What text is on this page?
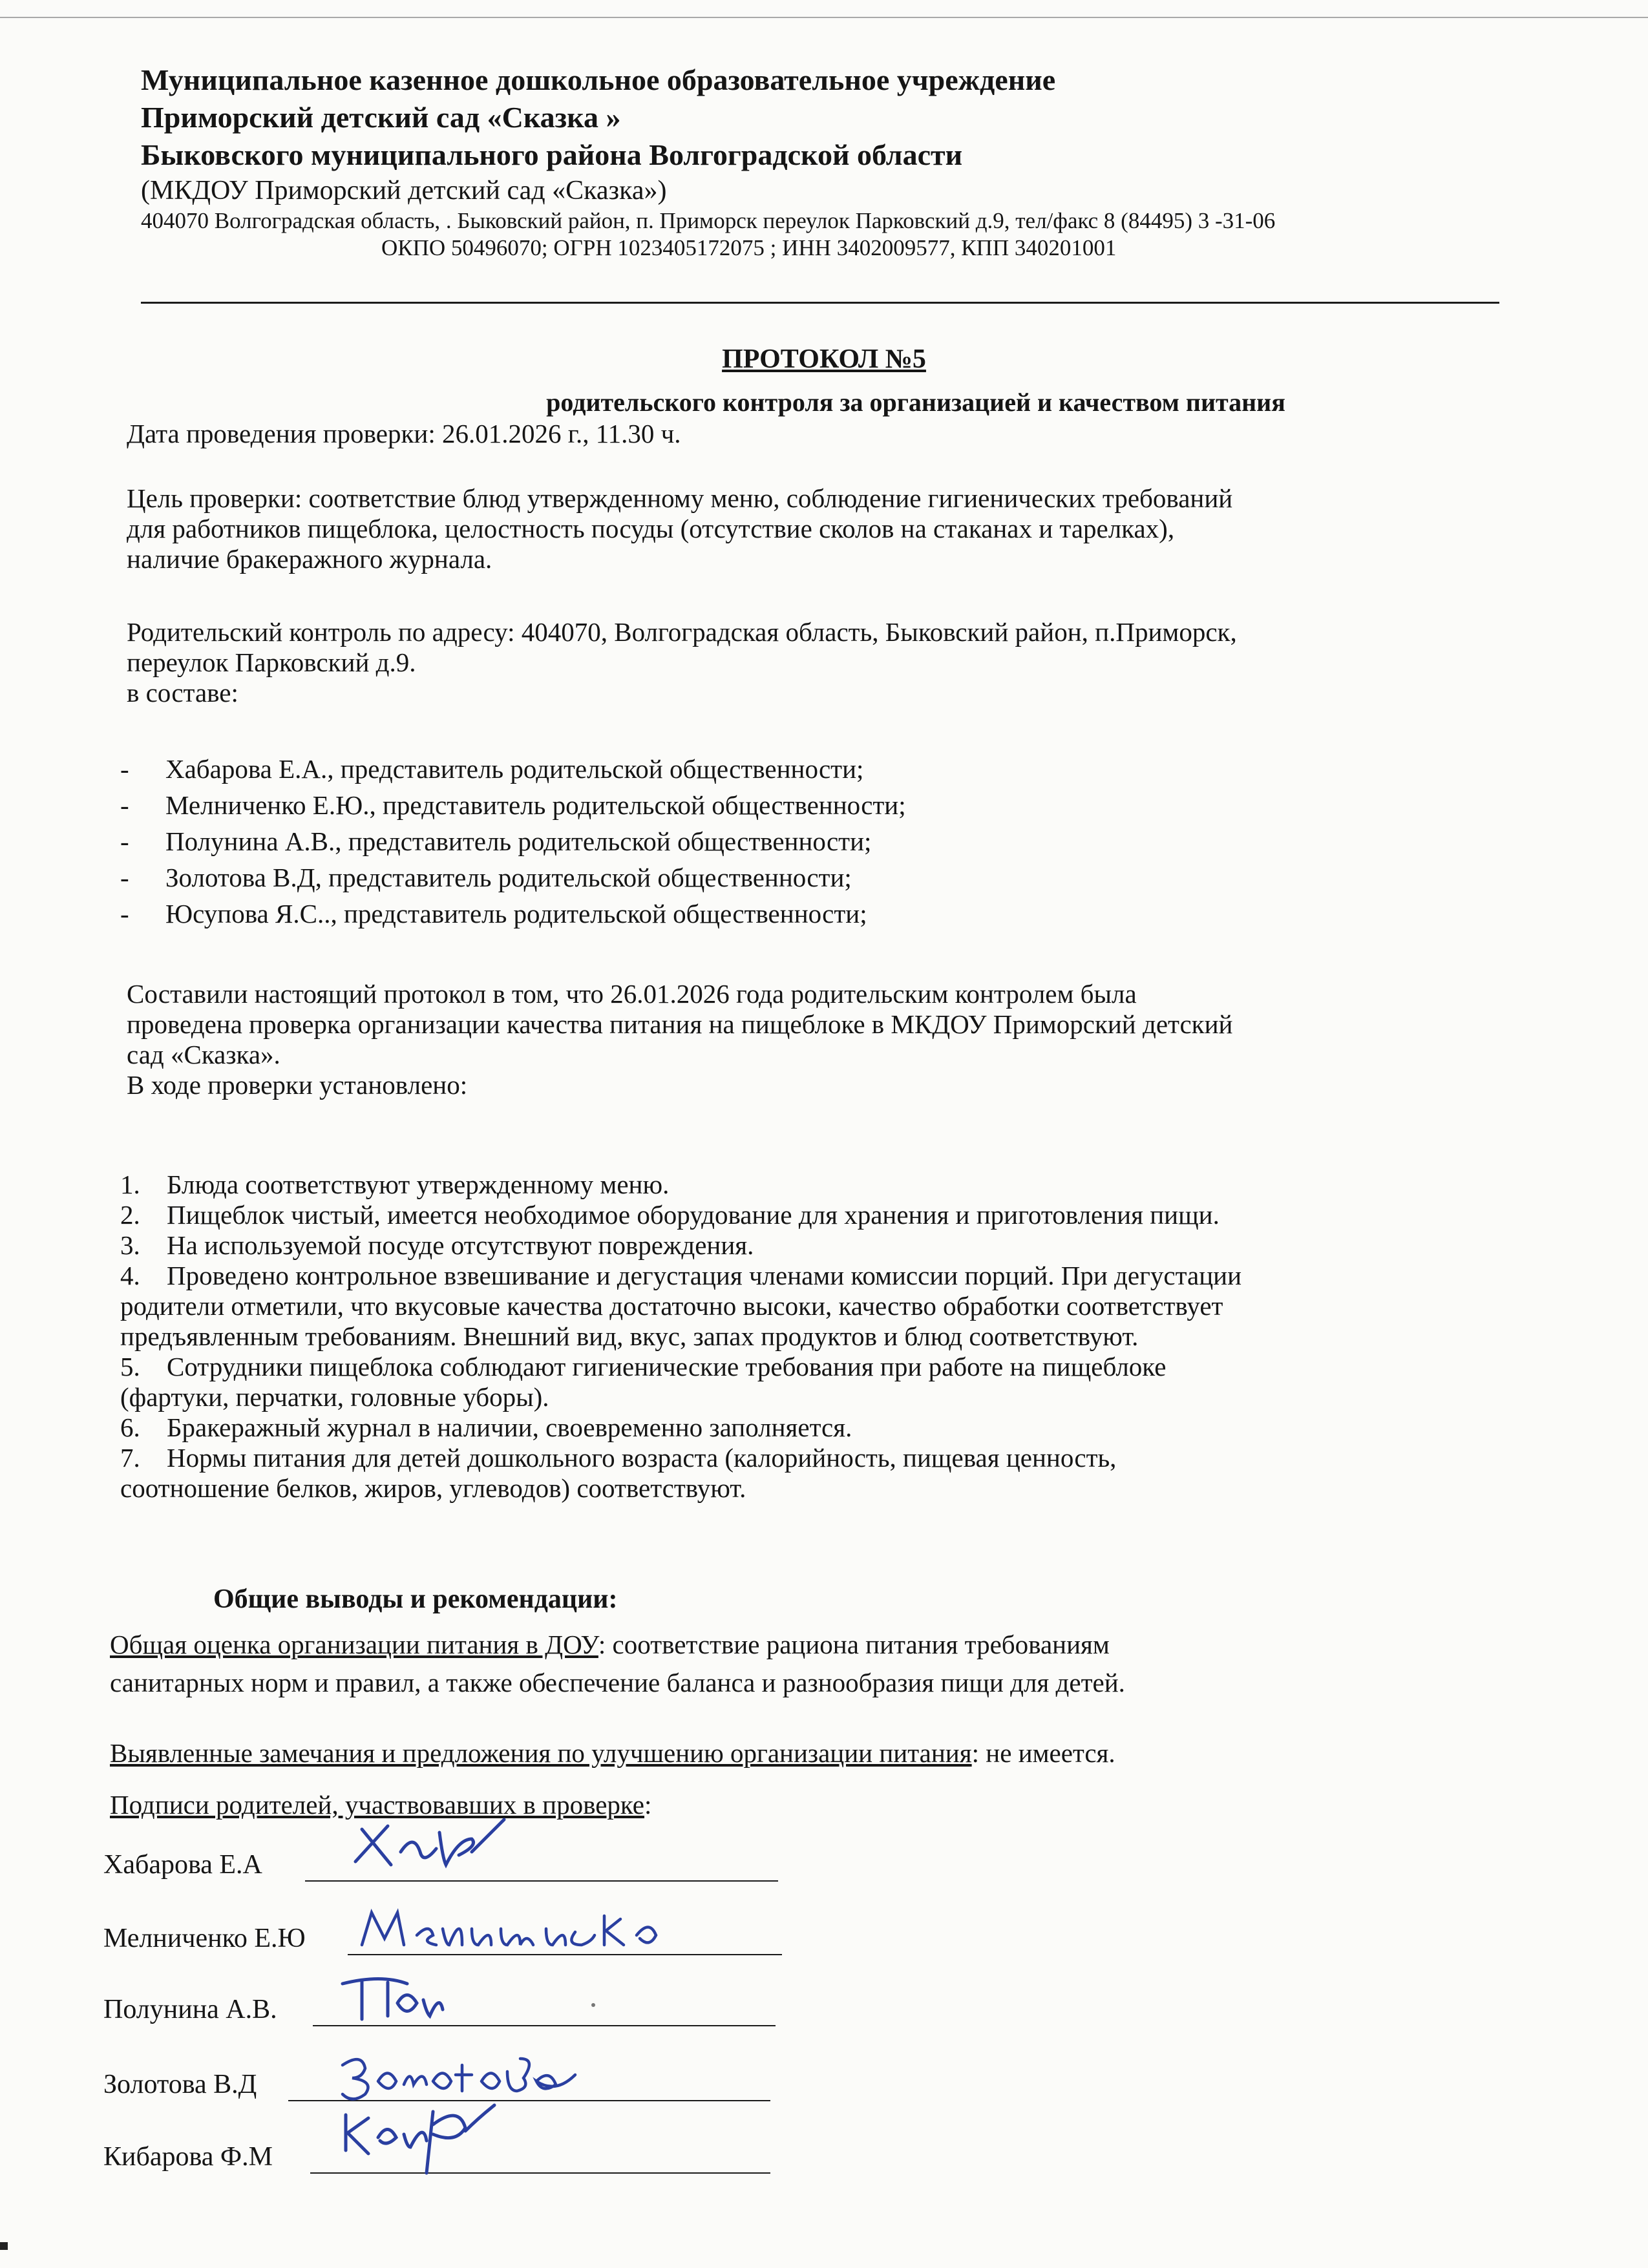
Муниципальное казенное дошкольное образовательное учреждение
Приморский детский сад «Сказка »
Быковского муниципального района Волгоградской области
(МКДОУ Приморский детский сад «Сказка»)
404070 Волгоградская область, . Быковский район, п. Приморск переулок Парковский д.9, тел/факс 8 (84495) 3 -31-06
ОКПО 50496070; ОГРН 1023405172075 ; ИНН 3402009577, КПП 340201001
ПРОТОКОЛ №5
родительского контроля за организацией и качеством питания
Дата проведения проверки: 26.01.2026 г., 11.30 ч.
Цель проверки: соответствие блюд утвержденному меню, соблюдение гигиенических требований
для работников пищеблока, целостность посуды (отсутствие сколов на стаканах и тарелках),
наличие бракеражного журнала.
Родительский контроль по адресу: 404070, Волгоградская область, Быковский район, п.Приморск,
переулок Парковский д.9.
в составе:
- Хабарова Е.А., представитель родительской общественности;
- Мелниченко Е.Ю., представитель родительской общественности;
- Полунина А.В., представитель родительской общественности;
- Золотова В.Д, представитель родительской общественности;
- Юсупова Я.С.., представитель родительской общественности;
Составили настоящий протокол в том, что 26.01.2026 года родительским контролем была
проведена проверка организации качества питания на пищеблоке в МКДОУ Приморский детский
сад «Сказка».
В ходе проверки установлено:
1. Блюда соответствуют утвержденному меню.
2. Пищеблок чистый, имеется необходимое оборудование для хранения и приготовления пищи.
3. На используемой посуде отсутствуют повреждения.
4. Проведено контрольное взвешивание и дегустация членами комиссии порций. При дегустации
родители отметили, что вкусовые качества достаточно высоки, качество обработки соответствует
предъявленным требованиям. Внешний вид, вкус, запах продуктов и блюд соответствуют.
5. Сотрудники пищеблока соблюдают гигиенические требования при работе на пищеблоке
(фартуки, перчатки, головные уборы).
6. Бракеражный журнал в наличии, своевременно заполняется.
7. Нормы питания для детей дошкольного возраста (калорийность, пищевая ценность,
соотношение белков, жиров, углеводов) соответствуют.
Общие выводы и рекомендации:
Общая оценка организации питания в ДОУ: соответствие рациона питания требованиям
санитарных норм и правил, а также обеспечение баланса и разнообразия пищи для детей.
Выявленные замечания и предложения по улучшению организации питания: не имеется.
Подписи родителей, участвовавших в проверке:
Хабарова Е.А
Мелниченко Е.Ю
Полунина А.В.
Золотова В.Д
Кибарова Ф.М
